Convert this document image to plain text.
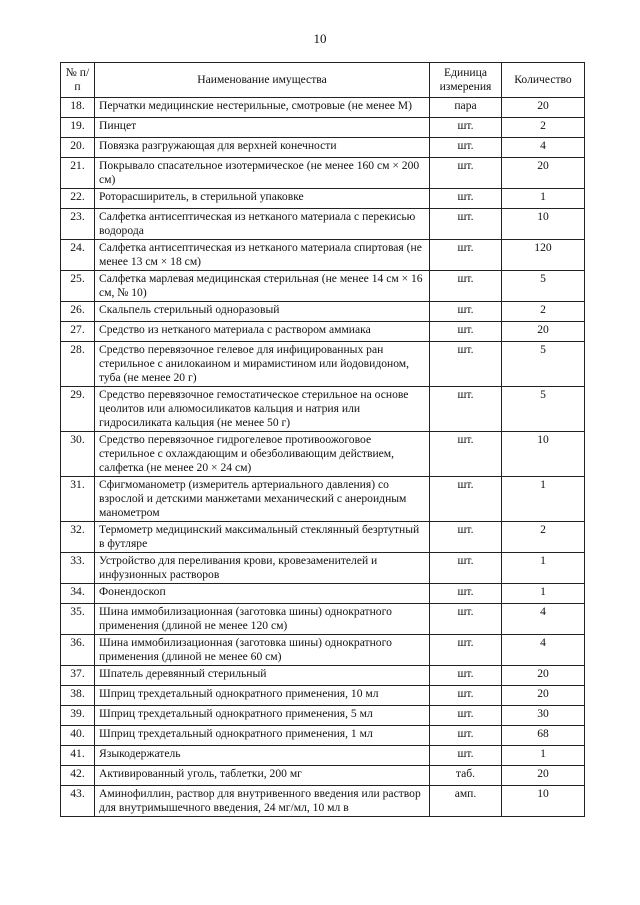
10
№ п/п	Наименование имущества	Единица измерения	Количество
18.	Перчатки медицинские нестерильные, смотровые (не менее M)	пара	20
19.	Пинцет	шт.	2
20.	Повязка разгружающая для верхней конечности	шт.	4
21.	Покрывало спасательное изотермическое (не менее 160 см × 200 см)	шт.	20
22.	Роторасширитель, в стерильной упаковке	шт.	1
23.	Салфетка антисептическая из нетканого материала с перекисью водорода	шт.	10
24.	Салфетка антисептическая из нетканого материала спиртовая (не менее 13 см × 18 см)	шт.	120
25.	Салфетка марлевая медицинская стерильная (не менее 14 см × 16 см, № 10)	шт.	5
26.	Скальпель стерильный одноразовый	шт.	2
27.	Средство из нетканого материала с раствором аммиака	шт.	20
28.	Средство перевязочное гелевое для инфицированных ран стерильное с анилокаином и мирамистином или йодовидоном, туба (не менее 20 г)	шт.	5
29.	Средство перевязочное гемостатическое стерильное на основе цеолитов или алюмосиликатов кальция и натрия или гидросиликата кальция (не менее 50 г)	шт.	5
30.	Средство перевязочное гидрогелевое противоожоговое стерильное с охлаждающим и обезболивающим действием, салфетка (не менее 20 × 24 см)	шт.	10
31.	Сфигмоманометр (измеритель артериального давления) со взрослой и детскими манжетами механический с анероидным манометром	шт.	1
32.	Термометр медицинский максимальный стеклянный безртутный в футляре	шт.	2
33.	Устройство для переливания крови, кровезаменителей и инфузионных растворов	шт.	1
34.	Фонендоскоп	шт.	1
35.	Шина иммобилизационная (заготовка шины) однократного применения (длиной не менее 120 см)	шт.	4
36.	Шина иммобилизационная (заготовка шины) однократного применения (длиной не менее 60 см)	шт.	4
37.	Шпатель деревянный стерильный	шт.	20
38.	Шприц трехдетальный однократного применения, 10 мл	шт.	20
39.	Шприц трехдетальный однократного применения, 5 мл	шт.	30
40.	Шприц трехдетальный однократного применения, 1 мл	шт.	68
41.	Языкодержатель	шт.	1
42.	Активированный уголь, таблетки, 200 мг	таб.	20
43.	Аминофиллин, раствор для внутривенного введения или раствор для внутримышечного введения, 24 мг/мл, 10 мл в	амп.	10
